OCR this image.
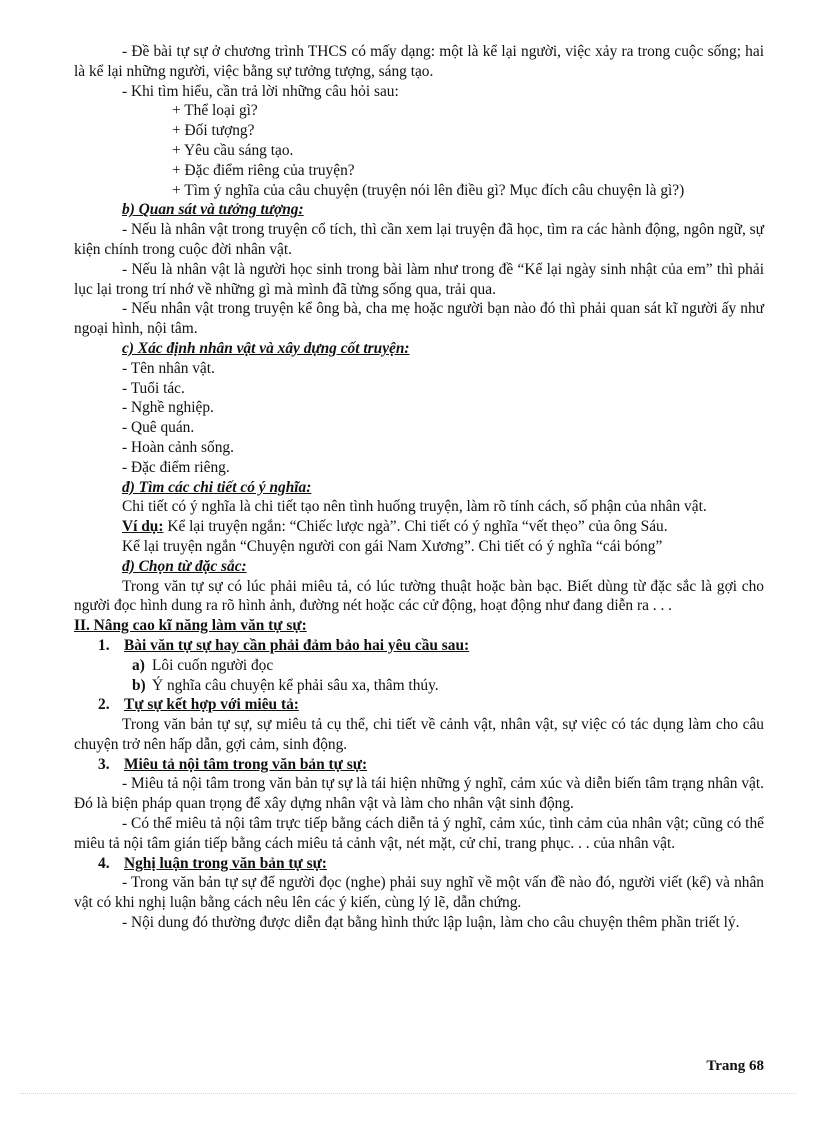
- Đề bài tự sự ở chương trình THCS có mấy dạng: một là kể lại người, việc xảy ra trong cuộc sống; hai là kể lại những người, việc bằng sự tưởng tượng, sáng tạo.

- Khi tìm hiểu, cần trả lời những câu hỏi sau:

+ Thể loại gì?

+ Đối tượng?

+ Yêu cầu sáng tạo.

+ Đặc điểm riêng của truyện?

+ Tìm ý nghĩa của câu chuyện (truyện nói lên điều gì? Mục đích câu chuyện là gì?)

b) Quan sát và tưởng tượng:

- Nếu là nhân vật trong truyện cổ tích, thì cần xem lại truyện đã học, tìm ra các hành động, ngôn ngữ, sự kiện chính trong cuộc đời nhân vật.

- Nếu là nhân vật là người học sinh trong bài làm như trong đề “Kể lại ngày sinh nhật của em” thì phải lục lại trong trí nhớ về những gì mà mình đã từng sống qua, trải qua.

- Nếu nhân vật trong truyện kể ông bà, cha mẹ hoặc người bạn nào đó thì phải quan sát kĩ người ấy như ngoại hình, nội tâm.

c) Xác định nhân vật và xây dựng cốt truyện:

- Tên nhân vật.

- Tuổi tác.

- Nghề nghiệp.

- Quê quán.

- Hoàn cảnh sống.

- Đặc điểm riêng.

đ) Tìm các chi tiết có ý nghĩa:

Chi tiết có ý nghĩa là chi tiết tạo nên tình huống truyện, làm rõ tính cách, số phận của nhân vật.

Ví dụ: Kể lại truyện ngắn: “Chiếc lược ngà”. Chi tiết có ý nghĩa “vết thẹo” của ông Sáu.

Kể lại truyện ngắn “Chuyện người con gái Nam Xương”. Chi tiết có ý nghĩa “cái bóng”

đ) Chọn từ đặc sắc:

Trong văn tự sự có lúc phải miêu tả, có lúc tường thuật hoặc bàn bạc. Biết dùng từ đặc sắc là gợi cho người đọc hình dung ra rõ hình ảnh, đường nét hoặc các cử động, hoạt động như đang diễn ra . . .

II. Nâng cao kĩ năng làm văn tự sự:

1. Bài văn tự sự hay cần phải đảm bảo hai yêu cầu sau:

a) Lôi cuốn người đọc

b) Ý nghĩa câu chuyện kể phải sâu xa, thâm thúy.

2. Tự sự kết hợp với miêu tả:

Trong văn bản tự sự, sự miêu tả cụ thể, chi tiết về cảnh vật, nhân vật, sự việc có tác dụng làm cho câu chuyện trở nên hấp dẫn, gợi cảm, sinh động.

3. Miêu tả nội tâm trong văn bản tự sự:

- Miêu tả nội tâm trong văn bản tự sự là tái hiện những ý nghĩ, cảm xúc và diễn biến tâm trạng nhân vật. Đó là biện pháp quan trọng để xây dựng nhân vật và làm cho nhân vật sinh động.

- Có thể miêu tả nội tâm trực tiếp bằng cách diễn tả ý nghĩ, cảm xúc, tình cảm của nhân vật; cũng có thể miêu tả nội tâm gián tiếp bằng cách miêu tả cảnh vật, nét mặt, cử chỉ, trang phục. . . của nhân vật.

4. Nghị luận trong văn bản tự sự:

- Trong văn bản tự sự để người đọc (nghe) phải suy nghĩ về một vấn đề nào đó, người viết (kể) và nhân vật có khi nghị luận bằng cách nêu lên các ý kiến, cùng lý lẽ, dẫn chứng.

- Nội dung đó thường được diễn đạt bằng hình thức lập luận, làm cho câu chuyện thêm phần triết lý.

Trang 68
